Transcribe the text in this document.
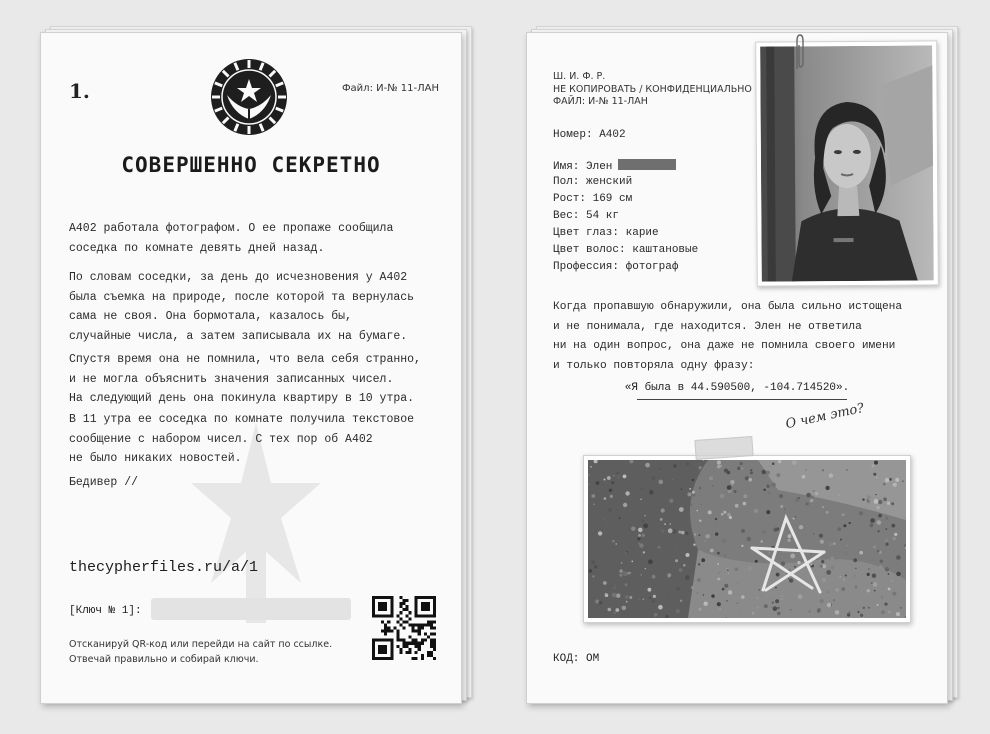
1.	Файл: И-№ 11-ЛАН
СОВЕРШЕННО СЕКРЕТНО
А402 работала фотографом. О ее пропаже сообщила
соседка по комнате девять дней назад.
По словам соседки, за день до исчезновения у А402
была съемка на природе, после которой та вернулась
сама не своя. Она бормотала, казалось бы,
случайные числа, а затем записывала их на бумаге.
Спустя время она не помнила, что вела себя странно,
и не могла объяснить значения записанных чисел.
На следующий день она покинула квартиру в 10 утра.
В 11 утра ее соседка по комнате получила текстовое
сообщение с набором чисел. С тех пор об А402
не было никаких новостей.
Бедивер //
thecypherfiles.ru/a/1
[Ключ № 1]:
Отсканируй QR-код или перейди на сайт по ссылке.
Отвечай правильно и собирай ключи.
Ш. И. Ф. Р.
НЕ КОПИРОВАТЬ / КОНФИДЕНЦИАЛЬНО
ФАЙЛ: И-№ 11-ЛАН
Номер: А402
Имя: Элен
Пол: женский
Рост: 169 см
Вес: 54 кг
Цвет глаз: карие
Цвет волос: каштановые
Профессия: фотограф
Когда пропавшую обнаружили, она была сильно истощена
и не понимала, где находится. Элен не ответила
ни на один вопрос, она даже не помнила своего имени
и только повторяла одну фразу:
«Я была в 44.590500, -104.714520».
О чем это?
КОД: ОМ
